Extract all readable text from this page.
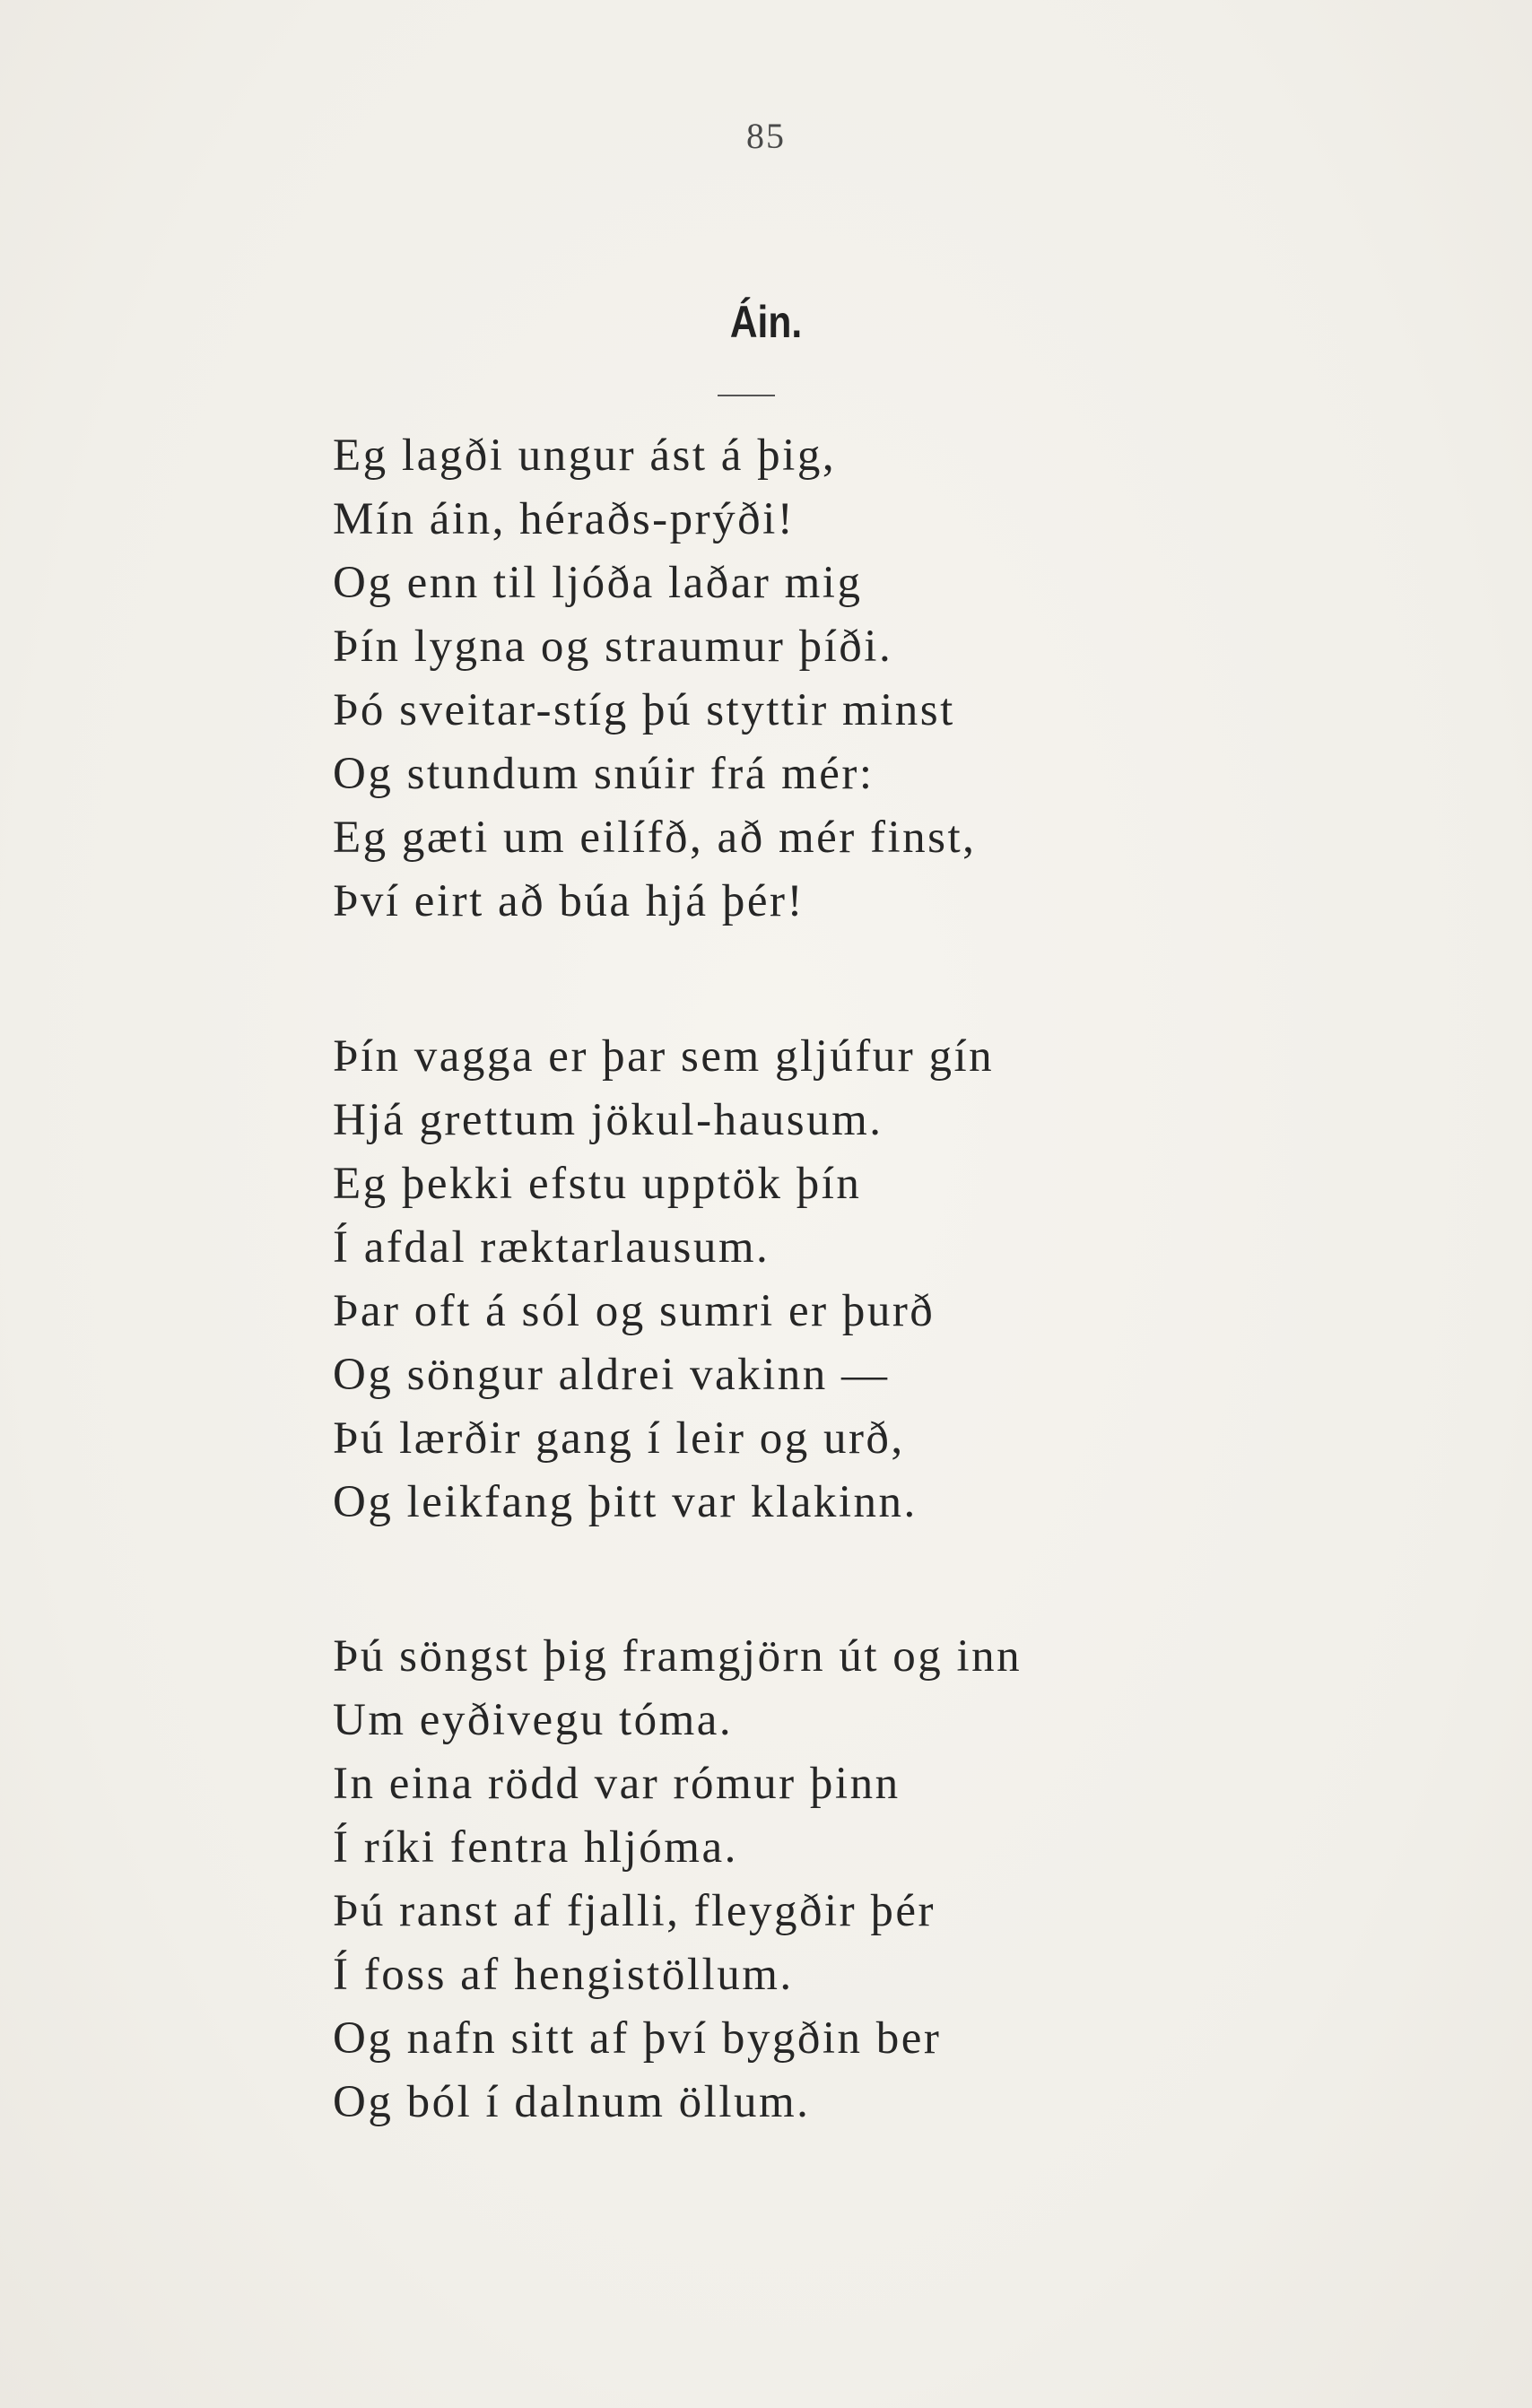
85
Áin.
Eg lagði ungur ást á þig,
Mín áin, héraðs-prýði!
Og enn til ljóða laðar mig
Þín lygna og straumur þíði.
Þó sveitar-stíg þú styttir minst
Og stundum snúir frá mér:
Eg gæti um eilífð, að mér finst,
Því eirt að búa hjá þér!
Þín vagga er þar sem gljúfur gín
Hjá grettum jökul-hausum.
Eg þekki efstu upptök þín
Í afdal ræktarlausum.
Þar oft á sól og sumri er þurð
Og söngur aldrei vakinn —
Þú lærðir gang í leir og urð,
Og leikfang þitt var klakinn.
Þú söngst þig framgjörn út og inn
Um eyðivegu tóma.
In eina rödd var rómur þinn
Í ríki fentra hljóma.
Þú ranst af fjalli, fleygðir þér
Í foss af hengistöllum.
Og nafn sitt af því bygðin ber
Og ból í dalnum öllum.
